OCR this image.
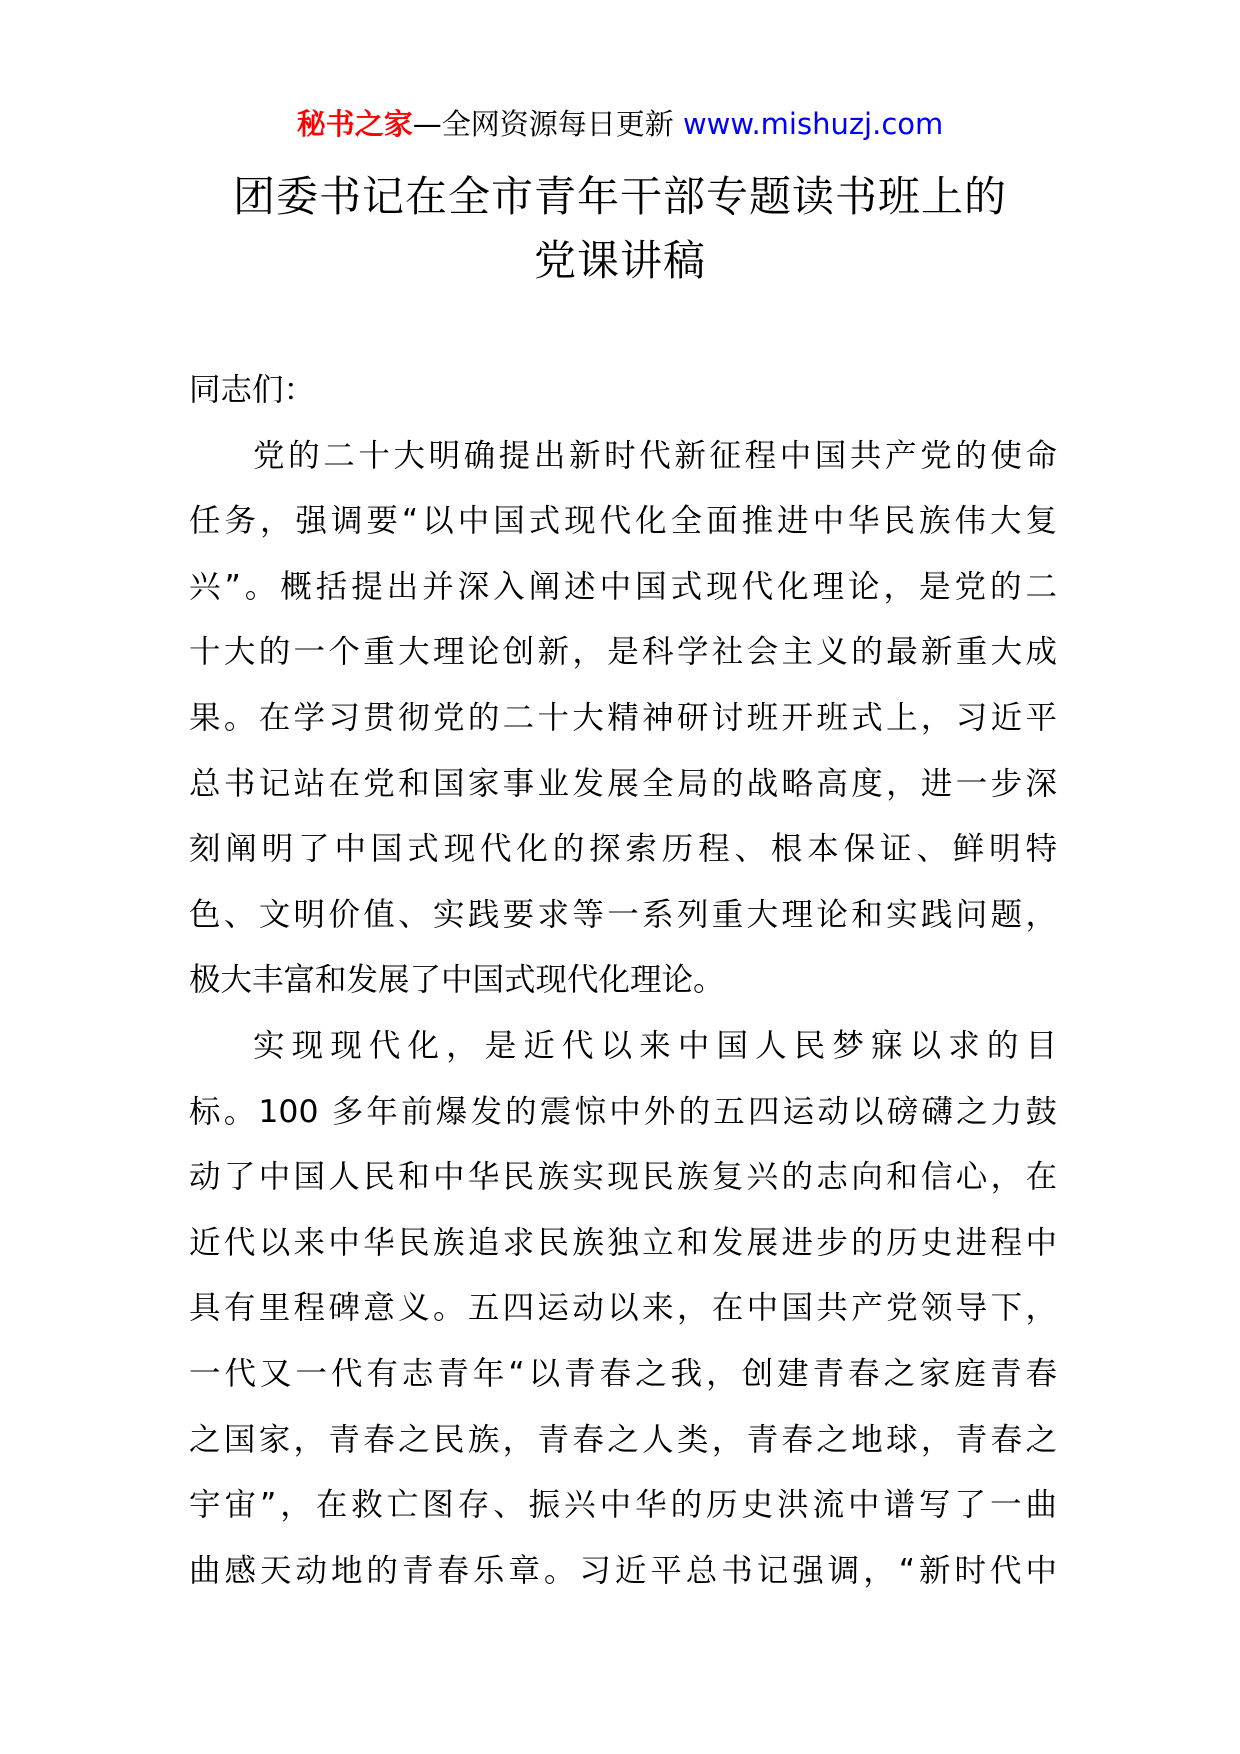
秘书之家—全网资源每日更新 www.mishuzj.com
团委书记在全市青年干部专题读书班上的
党课讲稿
同志们：
党的二十大明确提出新时代新征程中国共产党的使命
任务，强调要“以中国式现代化全面推进中华民族伟大复
兴”。概括提出并深入阐述中国式现代化理论，是党的二
十大的一个重大理论创新，是科学社会主义的最新重大成
果。在学习贯彻党的二十大精神研讨班开班式上，习近平
总书记站在党和国家事业发展全局的战略高度，进一步深
刻阐明了中国式现代化的探索历程、根本保证、鲜明特
色、文明价值、实践要求等一系列重大理论和实践问题，
极大丰富和发展了中国式现代化理论。
实现现代化，是近代以来中国人民梦寐以求的目
标。100 多年前爆发的震惊中外的五四运动以磅礴之力鼓
动了中国人民和中华民族实现民族复兴的志向和信心，在
近代以来中华民族追求民族独立和发展进步的历史进程中
具有里程碑意义。五四运动以来，在中国共产党领导下，
一代又一代有志青年“以青春之我，创建青春之家庭青春
之国家，青春之民族，青春之人类，青春之地球，青春之
宇宙”，在救亡图存、振兴中华的历史洪流中谱写了一曲
曲感天动地的青春乐章。习近平总书记强调，“新时代中
